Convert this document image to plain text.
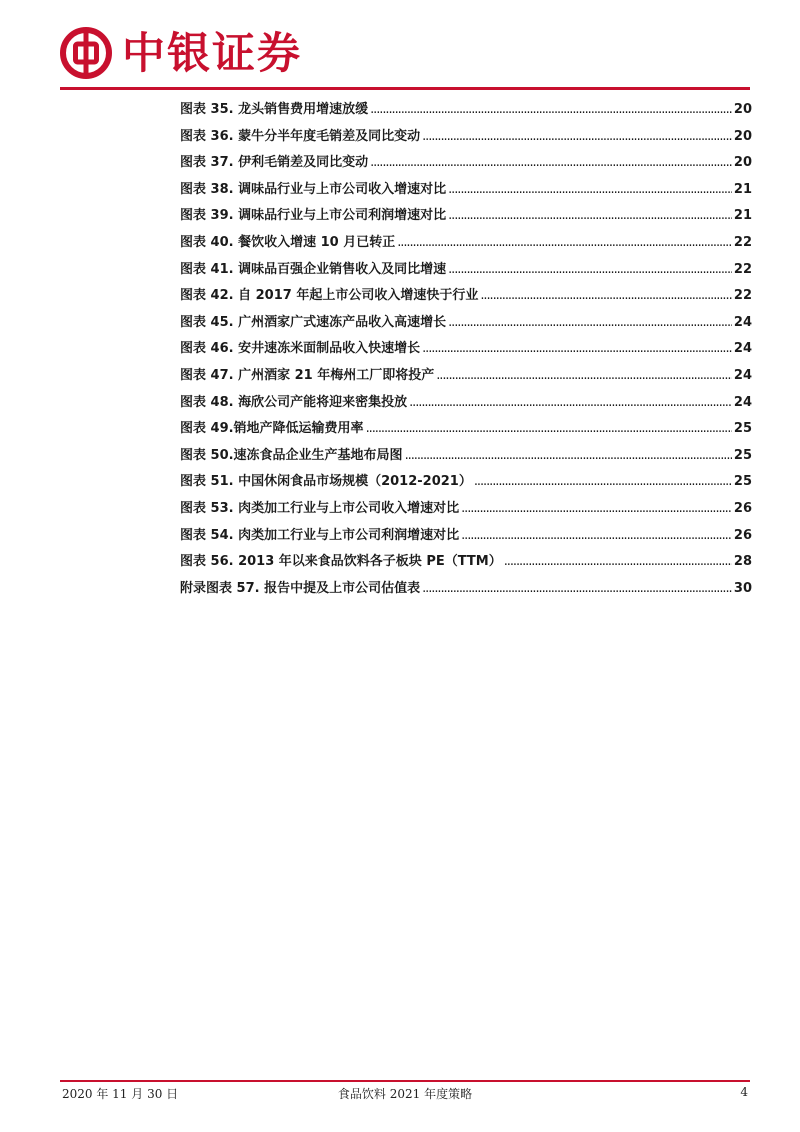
中银证券
图表 35. 龙头销售费用增速放缓 . . .	20
图表 36. 蒙牛分半年度毛销差及同比变动 . . .	20
图表 37. 伊利毛销差及同比变动 . . .	20
图表 38. 调味品行业与上市公司收入增速对比 . . .	21
图表 39. 调味品行业与上市公司利润增速对比 . . .	21
图表 40. 餐饮收入增速 10 月已转正 . . .	22
图表 41. 调味品百强企业销售收入及同比增速 . . .	22
图表 42. 自 2017 年起上市公司收入增速快于行业 . . .	22
图表 45. 广州酒家广式速冻产品收入高速增长 . . .	24
图表 46. 安井速冻米面制品收入快速增长 . . .	24
图表 47. 广州酒家 21 年梅州工厂即将投产 . . .	24
图表 48. 海欣公司产能将迎来密集投放 . . .	24
图表 49.销地产降低运输费用率 . . .	25
图表 50.速冻食品企业生产基地布局图 . . .	25
图表 51. 中国休闲食品市场规模（2012-2021） . . .	25
图表 53. 肉类加工行业与上市公司收入增速对比 . . .	26
图表 54. 肉类加工行业与上市公司利润增速对比 . . .	26
图表 56. 2013 年以来食品饮料各子板块 PE（TTM） . . .	28
附录图表 57. 报告中提及上市公司估值表 . . .	30
2020 年 11 月 30 日	食品饮料 2021 年度策略	4
